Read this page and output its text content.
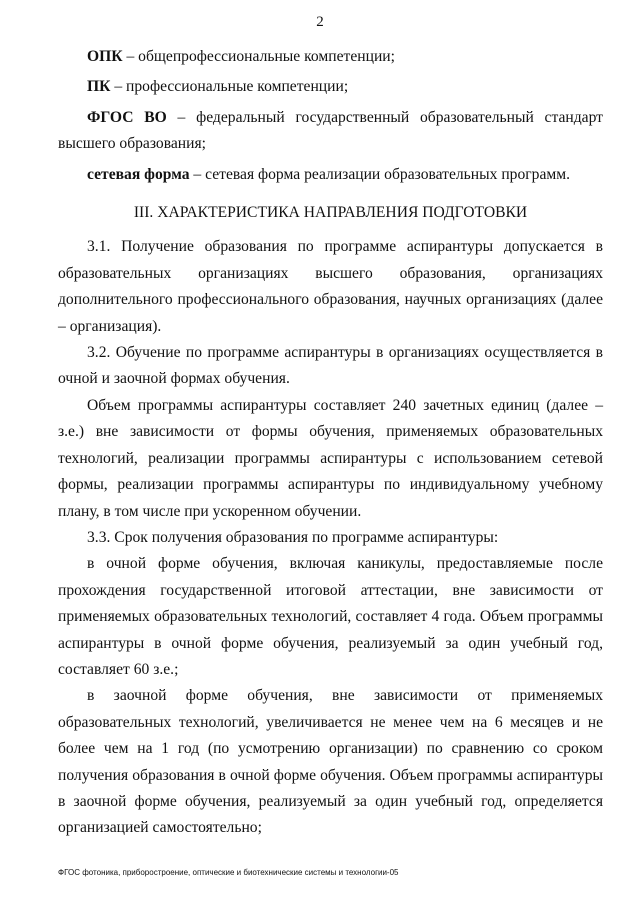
2

ОПК – общепрофессиональные компетенции;

ПК – профессиональные компетенции;

ФГОС ВО – федеральный государственный образовательный стандарт высшего образования;

сетевая форма – сетевая форма реализации образовательных программ.

III. ХАРАКТЕРИСТИКА НАПРАВЛЕНИЯ ПОДГОТОВКИ

3.1. Получение образования по программе аспирантуры допускается в образовательных организациях высшего образования, организациях дополнительного профессионального образования, научных организациях (далее – организация).

3.2. Обучение по программе аспирантуры в организациях осуществляется в очной и заочной формах обучения.

Объем программы аспирантуры составляет 240 зачетных единиц (далее – з.е.) вне зависимости от формы обучения, применяемых образовательных технологий, реализации программы аспирантуры с использованием сетевой формы, реализации программы аспирантуры по индивидуальному учебному плану, в том числе при ускоренном обучении.

3.3. Срок получения образования по программе аспирантуры:

в очной форме обучения, включая каникулы, предоставляемые после прохождения государственной итоговой аттестации, вне зависимости от применяемых образовательных технологий, составляет 4 года. Объем программы аспирантуры в очной форме обучения, реализуемый за один учебный год, составляет 60 з.е.;

в заочной форме обучения, вне зависимости от применяемых образовательных технологий, увеличивается не менее чем на 6 месяцев и не более чем на 1 год (по усмотрению организации) по сравнению со сроком получения образования в очной форме обучения. Объем программы аспирантуры в заочной форме обучения, реализуемый за один учебный год, определяется организацией самостоятельно;

ФГОС фотоника, приборостроение, оптические и биотехнические системы и технологии-05
